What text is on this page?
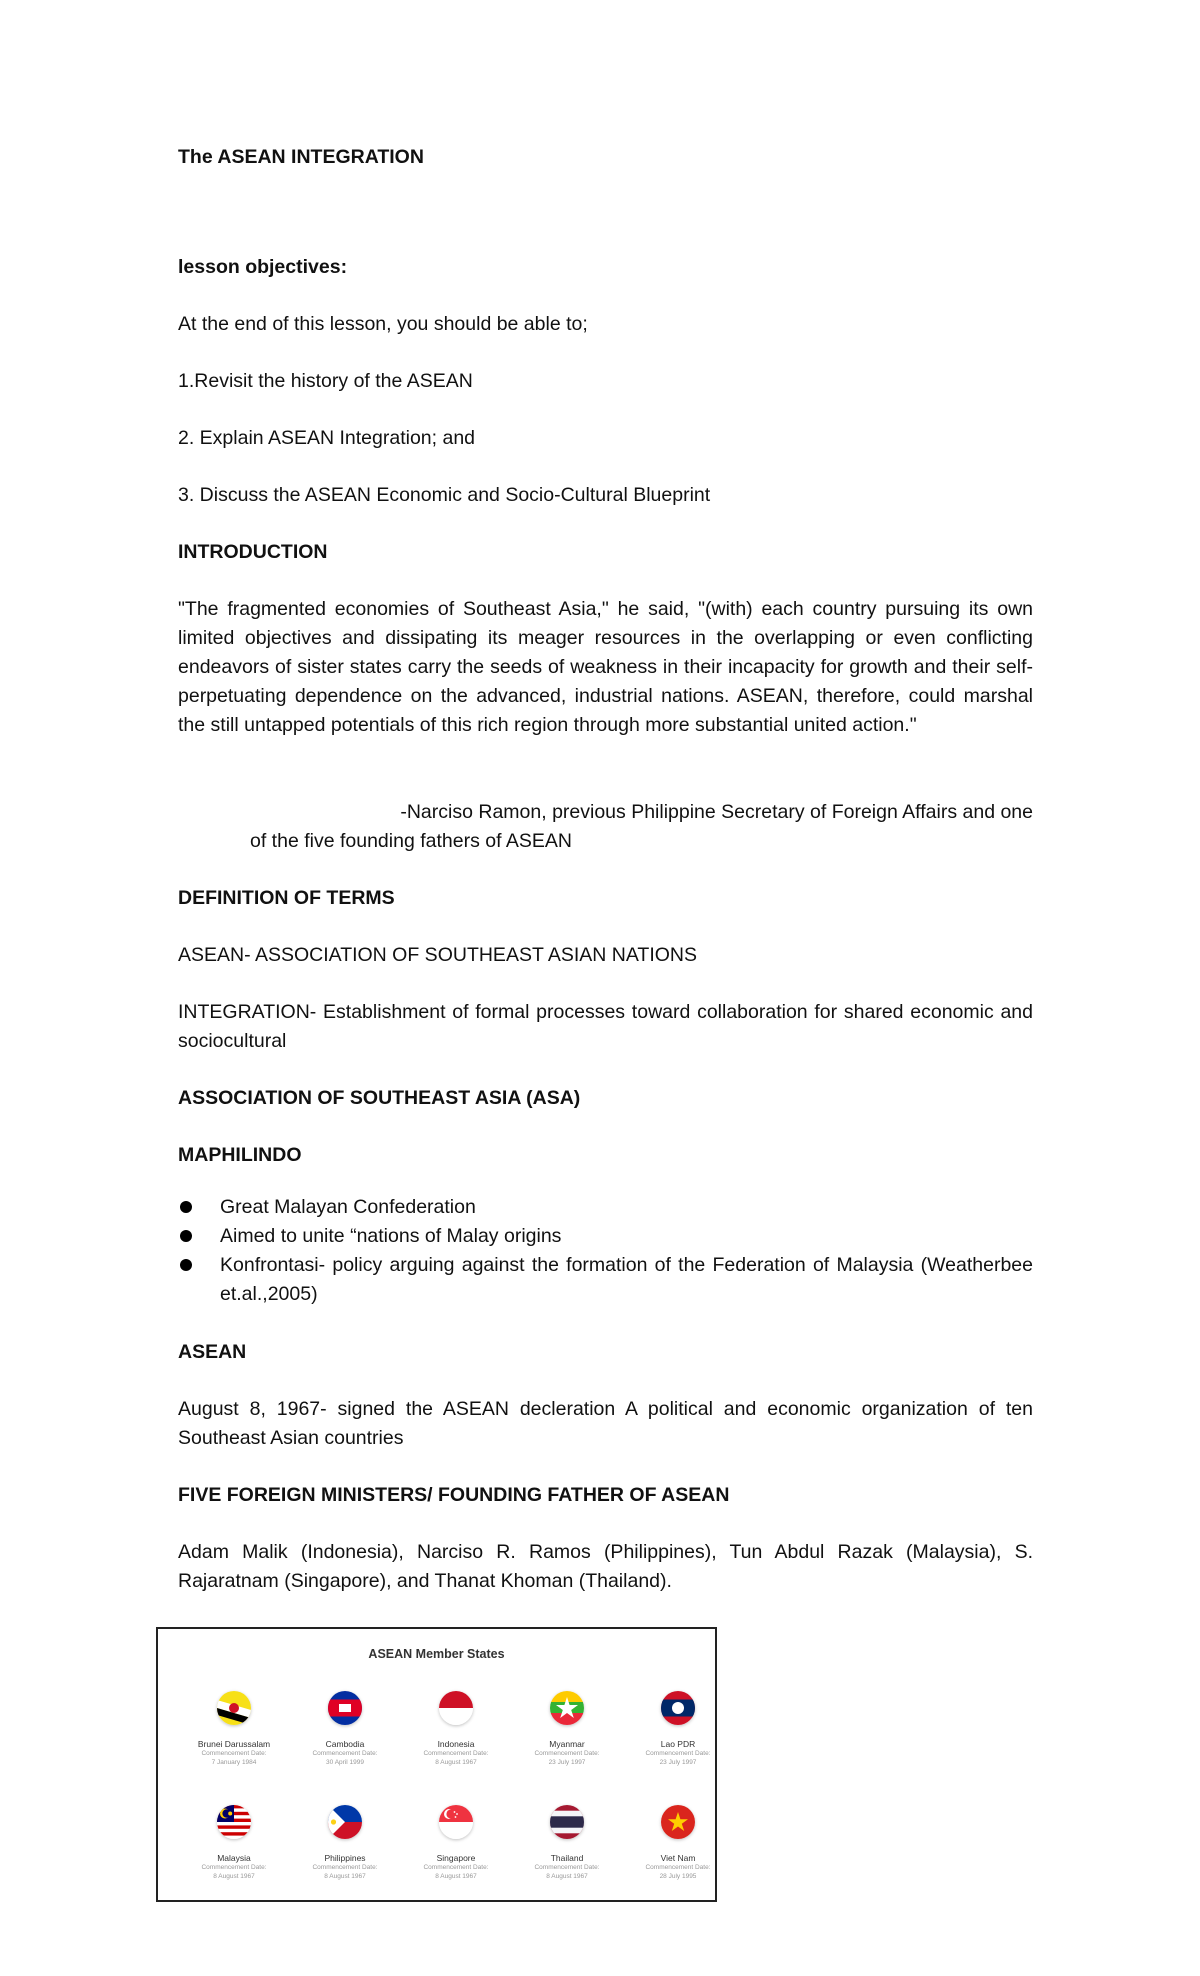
The ASEAN INTEGRATION

lesson objectives:

At the end of this lesson, you should be able to;

1.Revisit the history of the ASEAN

2. Explain ASEAN Integration; and

3. Discuss the ASEAN Economic and Socio-Cultural Blueprint

INTRODUCTION

"The fragmented economies of Southeast Asia," he said, "(with) each country pursuing its own limited objectives and dissipating its meager resources in the overlapping or even conflicting endeavors of sister states carry the seeds of weakness in their incapacity for growth and their self-perpetuating dependence on the advanced, industrial nations. ASEAN, therefore, could marshal the still untapped potentials of this rich region through more substantial united action."

-Narciso Ramon, previous Philippine Secretary of Foreign Affairs and one

of the five founding fathers of ASEAN

DEFINITION OF TERMS

ASEAN- ASSOCIATION OF SOUTHEAST ASIAN NATIONS

INTEGRATION- Establishment of formal processes toward collaboration for shared economic and sociocultural

ASSOCIATION OF SOUTHEAST ASIA (ASA)

MAPHILINDO

Great Malayan Confederation
Aimed to unite “nations of Malay origins
Konfrontasi- policy arguing against the formation of the Federation of Malaysia (Weatherbee et.al.,2005)

ASEAN

August 8, 1967- signed the ASEAN decleration A political and economic organization of ten Southeast Asian countries

FIVE FOREIGN MINISTERS/ FOUNDING FATHER OF ASEAN

Adam Malik (Indonesia), Narciso R. Ramos (Philippines), Tun Abdul Razak (Malaysia), S. Rajaratnam (Singapore), and Thanat Khoman (Thailand).

ASEAN Member States
Brunei Darussalam
Commencement Date:
7 January 1984
Cambodia
Commencement Date:
30 April 1999
Indonesia
Commencement Date:
8 August 1967
Myanmar
Commencement Date:
23 July 1997
Lao PDR
Commencement Date:
23 July 1997
Malaysia
Commencement Date:
8 August 1967
Philippines
Commencement Date:
8 August 1967
Singapore
Commencement Date:
8 August 1967
Thailand
Commencement Date:
8 August 1967
Viet Nam
Commencement Date:
28 July 1995
